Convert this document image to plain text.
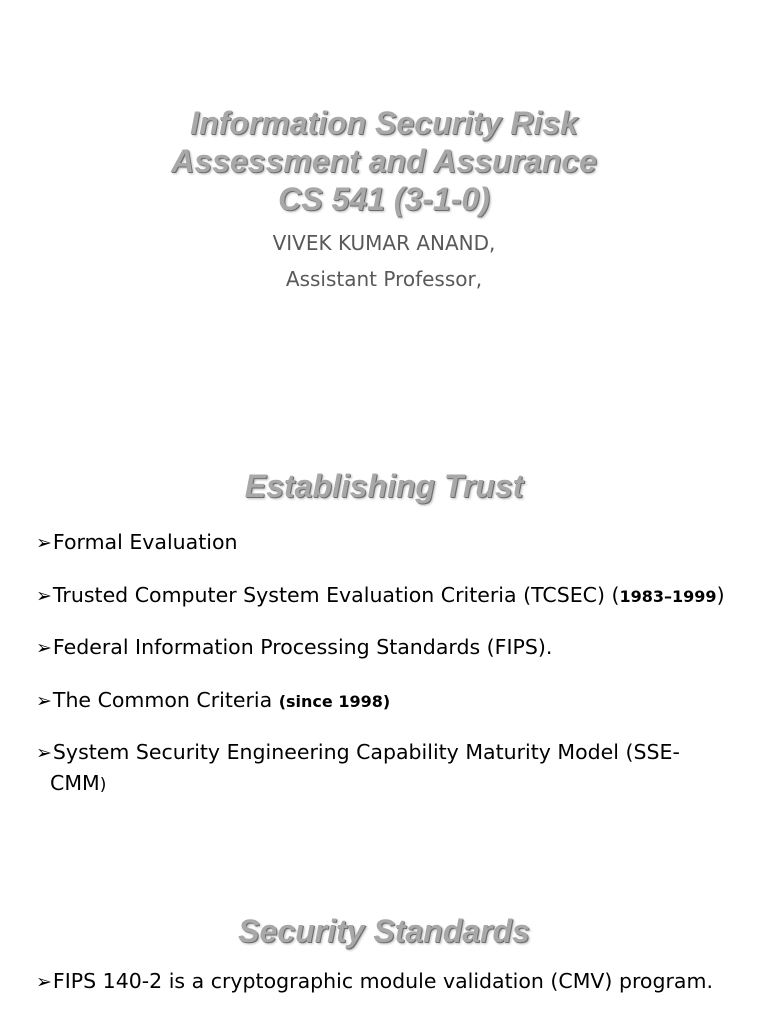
Information Security Risk
Assessment and Assurance
CS 541 (3-1-0)

VIVEK KUMAR ANAND,

Assistant Professor,

Establishing Trust
➢Formal Evaluation
➢Trusted Computer System Evaluation Criteria (TCSEC) (1983–1999)
➢Federal Information Processing Standards (FIPS).
➢The Common Criteria (since 1998)
➢System Security Engineering Capability Maturity Model (SSE-
CMM)
Security Standards
➢FIPS 140-2 is a cryptographic module validation (CMV) program.
